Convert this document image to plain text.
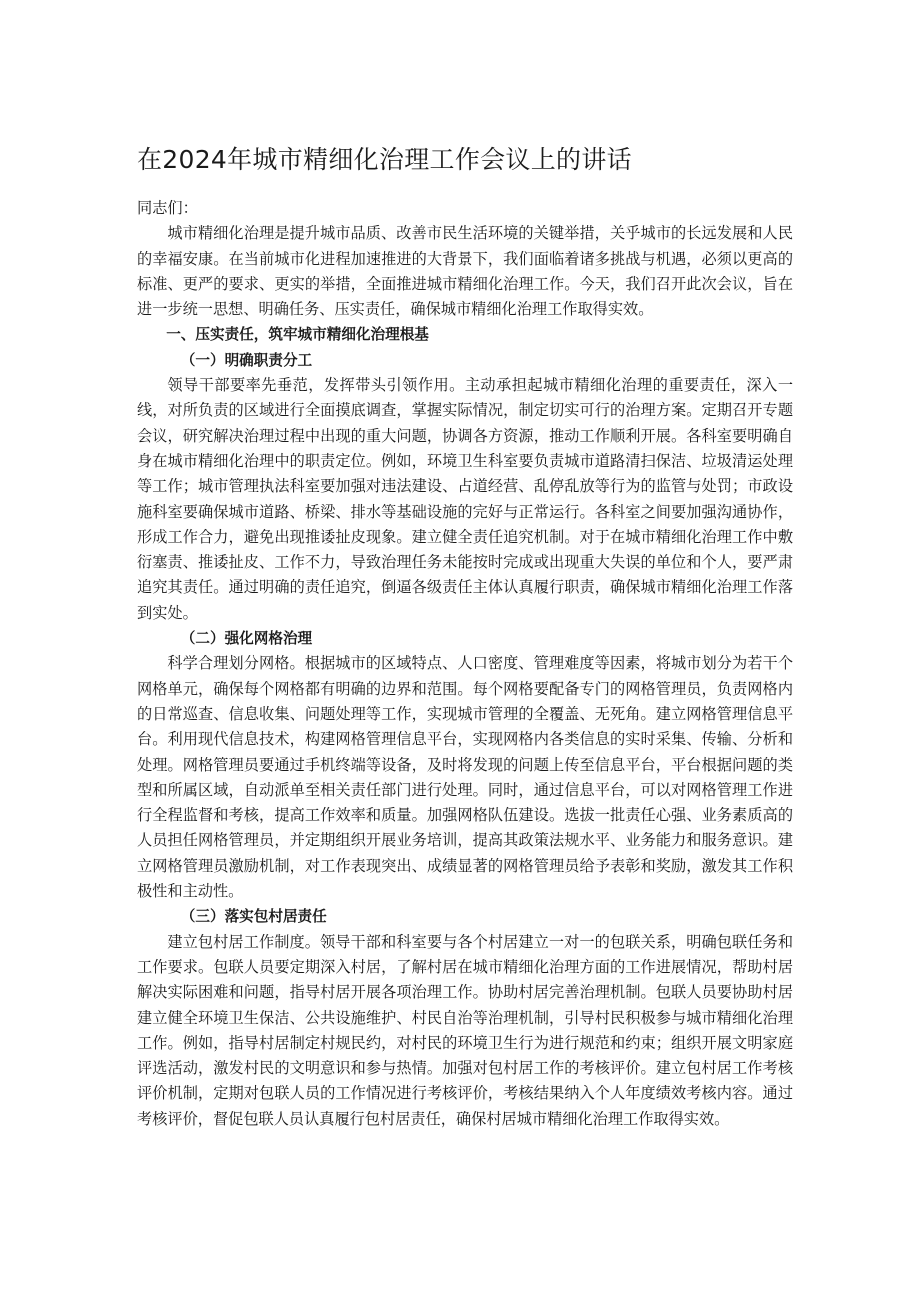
在2024年城市精细化治理工作会议上的讲话

同志们：

城市精细化治理是提升城市品质、改善市民生活环境的关键举措，关乎城市的长远发展和人民的幸福安康。在当前城市化进程加速推进的大背景下，我们面临着诸多挑战与机遇，必须以更高的标准、更严的要求、更实的举措，全面推进城市精细化治理工作。今天，我们召开此次会议，旨在进一步统一思想、明确任务、压实责任，确保城市精细化治理工作取得实效。

一、压实责任，筑牢城市精细化治理根基

（一）明确职责分工

领导干部要率先垂范，发挥带头引领作用。主动承担起城市精细化治理的重要责任，深入一线，对所负责的区域进行全面摸底调查，掌握实际情况，制定切实可行的治理方案。定期召开专题会议，研究解决治理过程中出现的重大问题，协调各方资源，推动工作顺利开展。各科室要明确自身在城市精细化治理中的职责定位。例如，环境卫生科室要负责城市道路清扫保洁、垃圾清运处理等工作；城市管理执法科室要加强对违法建设、占道经营、乱停乱放等行为的监管与处罚；市政设施科室要确保城市道路、桥梁、排水等基础设施的完好与正常运行。各科室之间要加强沟通协作，形成工作合力，避免出现推诿扯皮现象。建立健全责任追究机制。对于在城市精细化治理工作中敷衍塞责、推诿扯皮、工作不力，导致治理任务未能按时完成或出现重大失误的单位和个人，要严肃追究其责任。通过明确的责任追究，倒逼各级责任主体认真履行职责，确保城市精细化治理工作落到实处。

（二）强化网格治理

科学合理划分网格。根据城市的区域特点、人口密度、管理难度等因素，将城市划分为若干个网格单元，确保每个网格都有明确的边界和范围。每个网格要配备专门的网格管理员，负责网格内的日常巡查、信息收集、问题处理等工作，实现城市管理的全覆盖、无死角。建立网格管理信息平台。利用现代信息技术，构建网格管理信息平台，实现网格内各类信息的实时采集、传输、分析和处理。网格管理员要通过手机终端等设备，及时将发现的问题上传至信息平台，平台根据问题的类型和所属区域，自动派单至相关责任部门进行处理。同时，通过信息平台，可以对网格管理工作进行全程监督和考核，提高工作效率和质量。加强网格队伍建设。选拔一批责任心强、业务素质高的人员担任网格管理员，并定期组织开展业务培训，提高其政策法规水平、业务能力和服务意识。建立网格管理员激励机制，对工作表现突出、成绩显著的网格管理员给予表彰和奖励，激发其工作积极性和主动性。

（三）落实包村居责任

建立包村居工作制度。领导干部和科室要与各个村居建立一对一的包联关系，明确包联任务和工作要求。包联人员要定期深入村居，了解村居在城市精细化治理方面的工作进展情况，帮助村居解决实际困难和问题，指导村居开展各项治理工作。协助村居完善治理机制。包联人员要协助村居建立健全环境卫生保洁、公共设施维护、村民自治等治理机制，引导村民积极参与城市精细化治理工作。例如，指导村居制定村规民约，对村民的环境卫生行为进行规范和约束；组织开展文明家庭评选活动，激发村民的文明意识和参与热情。加强对包村居工作的考核评价。建立包村居工作考核评价机制，定期对包联人员的工作情况进行考核评价，考核结果纳入个人年度绩效考核内容。通过考核评价，督促包联人员认真履行包村居责任，确保村居城市精细化治理工作取得实效。
